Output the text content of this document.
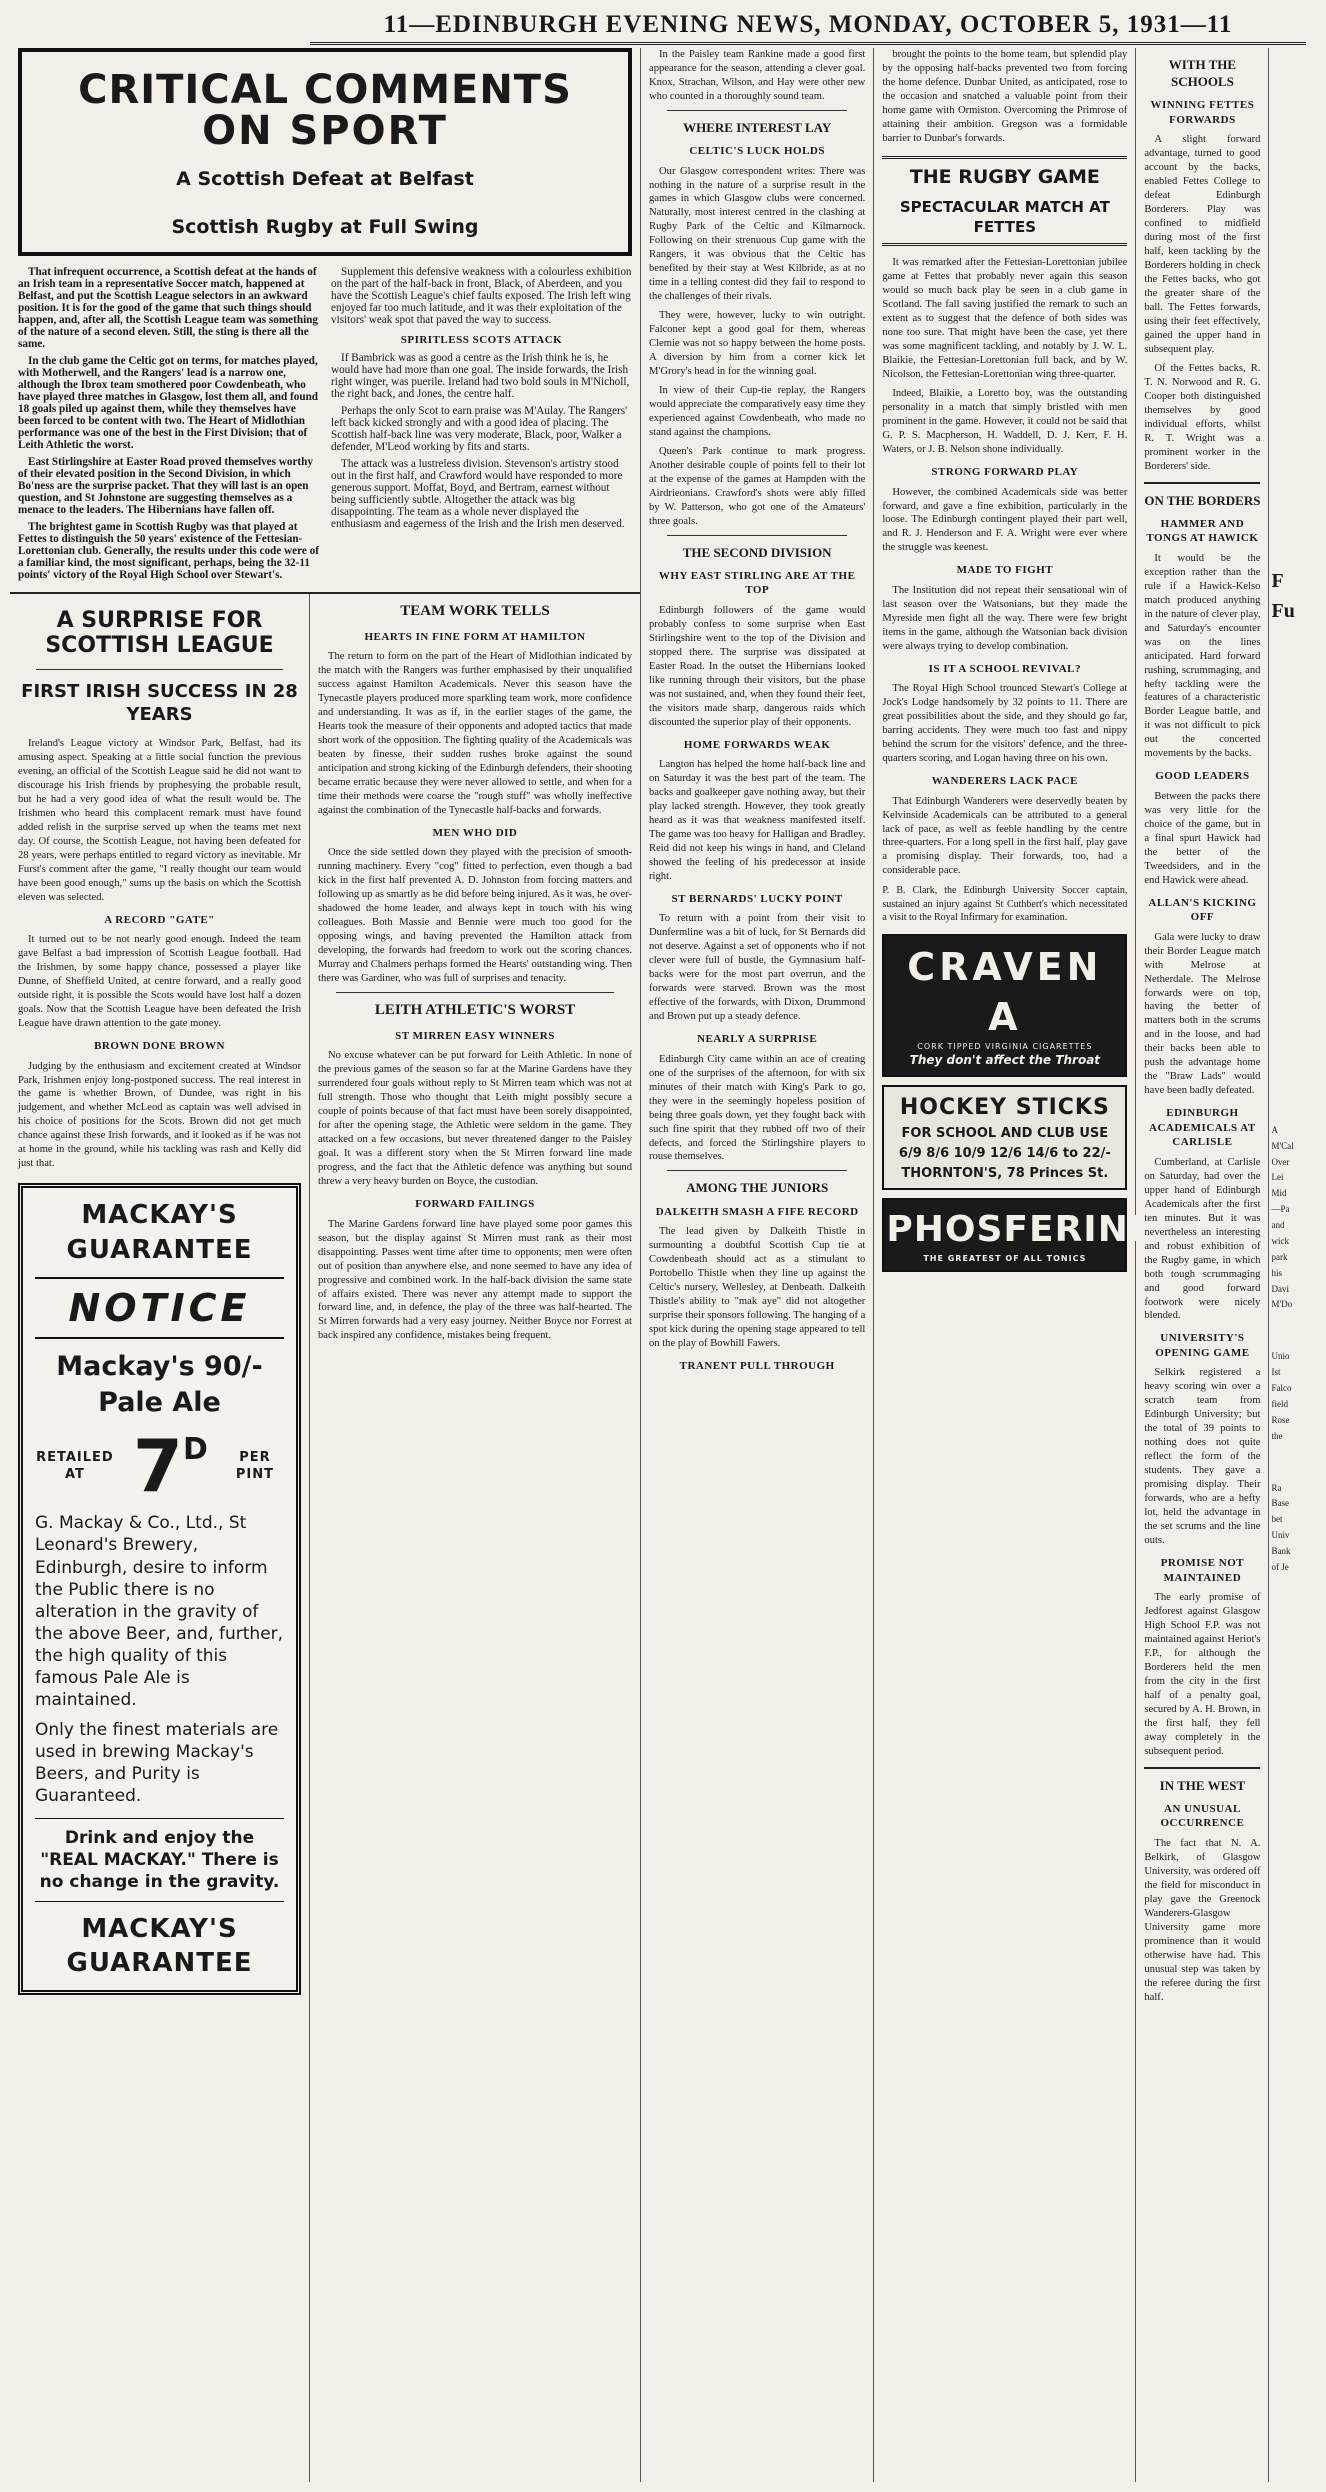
11—EDINBURGH EVENING NEWS, MONDAY, OCTOBER 5, 1931—11
CRITICAL COMMENTS
ON SPORT
A Scottish Defeat at Belfast
Scottish Rugby at Full Swing

That infrequent occurrence, a Scottish defeat at the hands of an Irish team in a representative Soccer match, happened at Belfast, and put the Scottish League selectors in an awkward position. It is for the good of the game that such things should happen, and, after all, the Scottish League team was something of the nature of a second eleven. Still, the sting is there all the same.

In the club game the Celtic got on terms, for matches played, with Motherwell, and the Rangers' lead is a narrow one, although the Ibrox team smothered poor Cowdenbeath, who have played three matches in Glasgow, lost them all, and found 18 goals piled up against them, while they themselves have been forced to be content with two. The Heart of Midlothian performance was one of the best in the First Division; that of Leith Athletic the worst.

East Stirlingshire at Easter Road proved themselves worthy of their elevated position in the Second Division, in which Bo'ness are the surprise packet. That they will last is an open question, and St Johnstone are suggesting themselves as a menace to the leaders. The Hibernians have fallen off.

The brightest game in Scottish Rugby was that played at Fettes to distinguish the 50 years' existence of the Fettesian-Lorettonian club. Generally, the results under this code were of a familiar kind, the most significant, perhaps, being the 32-11 points' victory of the Royal High School over Stewart's.

Supplement this defensive weakness with a colourless exhibition on the part of the half-back in front, Black, of Aberdeen, and you have the Scottish League's chief faults exposed. The Irish left wing enjoyed far too much latitude, and it was their exploitation of the visitors' weak spot that paved the way to success.

SPIRITLESS SCOTS ATTACK

If Bambrick was as good a centre as the Irish think he is, he would have had more than one goal. The inside forwards, the Irish right winger, was puerile. Ireland had two bold souls in M'Nicholl, the right back, and Jones, the centre half.

Perhaps the only Scot to earn praise was M'Aulay. The Rangers' left back kicked strongly and with a good idea of placing. The Scottish half-back line was very moderate, Black, poor, Walker a defender, M'Leod working by fits and starts.

The attack was a lustreless division. Stevenson's artistry stood out in the first half, and Crawford would have responded to more generous support. Moffat, Boyd, and Bertram, earnest without being sufficiently subtle. Altogether the attack was big disappointing. The team as a whole never displayed the enthusiasm and eagerness of the Irish and the Irish men deserved.

A SURPRISE FOR SCOTTISH LEAGUE
FIRST IRISH SUCCESS IN 28 YEARS

Ireland's League victory at Windsor Park, Belfast, had its amusing aspect. Speaking at a little social function the previous evening, an official of the Scottish League said he did not want to discourage his Irish friends by prophesying the probable result, but he had a very good idea of what the result would be. The Irishmen who heard this complacent remark must have found added relish in the surprise served up when the teams met next day. Of course, the Scottish League, not having been defeated for 28 years, were perhaps entitled to regard victory as inevitable. Mr Furst's comment after the game, "I really thought our team would have been good enough," sums up the basis on which the Scottish eleven was selected.

A RECORD "GATE"

It turned out to be not nearly good enough. Indeed the team gave Belfast a bad impression of Scottish League football. Had the Irishmen, by some happy chance, possessed a player like Dunne, of Sheffield United, at centre forward, and a really good outside right, it is possible the Scots would have lost half a dozen goals. Now that the Scottish League have been defeated the Irish League have drawn attention to the gate money.

BROWN DONE BROWN

Judging by the enthusiasm and excitement created at Windsor Park, Irishmen enjoy long-postponed success. The real interest in the game is whether Brown, of Dundee, was right in his judgement, and whether McLeod as captain was well advised in his choice of positions for the Scots. Brown did not get much chance against these Irish forwards, and it looked as if he was not at home in the ground, while his tackling was rash and Kelly did just that.

MACKAY'S GUARANTEE
NOTICE
Mackay's 90/- Pale Ale
RETAILED AT 7D	PER PINT
G. Mackay & Co., Ltd., St Leonard's Brewery, Edinburgh, desire to inform the Public there is no alteration in the gravity of the above Beer, and, further, the high quality of this famous Pale Ale is maintained.
Only the finest materials are used in brewing Mackay's Beers, and Purity is Guaranteed.
Drink and enjoy the "REAL MACKAY." There is no change in the gravity.
MACKAY'S GUARANTEE
TEAM WORK TELLS
HEARTS IN FINE FORM AT HAMILTON

The return to form on the part of the Heart of Midlothian indicated by the match with the Rangers was further emphasised by their unqualified success against Hamilton Academicals. Never this season have the Tynecastle players produced more sparkling team work, more confidence and understanding. It was as if, in the earlier stages of the game, the Hearts took the measure of their opponents and adopted tactics that made short work of the opposition. The fighting quality of the Academicals was beaten by finesse, their sudden rushes broke against the sound anticipation and strong kicking of the Edinburgh defenders, their shooting became erratic because they were never allowed to settle, and when for a time their methods were coarse the "rough stuff" was wholly ineffective against the combination of the Tynecastle half-backs and forwards.

MEN WHO DID

Once the side settled down they played with the precision of smooth-running machinery. Every "cog" fitted to perfection, even though a bad kick in the first half prevented A. D. Johnston from forcing matters and following up as smartly as he did before being injured. As it was, he over-shadowed the home leader, and always kept in touch with his wing colleagues. Both Massie and Bennie were much too good for the opposing wings, and having prevented the Hamilton attack from developing, the forwards had freedom to work out the scoring chances. Murray and Chalmers perhaps formed the Hearts' outstanding wing. Then there was Gardiner, who was full of surprises and tenacity.

LEITH ATHLETIC'S WORST
ST MIRREN EASY WINNERS

No excuse whatever can be put forward for Leith Athletic. In none of the previous games of the season so far at the Marine Gardens have they surrendered four goals without reply to St Mirren team which was not at full strength. Those who thought that Leith might possibly secure a couple of points because of that fact must have been sorely disappointed, for after the opening stage, the Athletic were seldom in the game. They attacked on a few occasions, but never threatened danger to the Paisley goal. It was a different story when the St Mirren forward line made progress, and the fact that the Athletic defence was anything but sound threw a very heavy burden on Boyce, the custodian.

FORWARD FAILINGS

The Marine Gardens forward line have played some poor games this season, but the display against St Mirren must rank as their most disappointing. Passes went time after time to opponents; men were often out of position than anywhere else, and none seemed to have any idea of progressive and combined work. In the half-back division the same state of affairs existed. There was never any attempt made to support the forward line, and, in defence, the play of the three was half-hearted. The St Mirren forwards had a very easy journey. Neither Boyce nor Forrest at back inspired any confidence, mistakes being frequent.

In the Paisley team Rankine made a good first appearance for the season, attending a clever goal. Knox, Strachan, Wilson, and Hay were other new who counted in a thoroughly sound team.

WHERE INTEREST LAY
CELTIC'S LUCK HOLDS

Our Glasgow correspondent writes: There was nothing in the nature of a surprise result in the games in which Glasgow clubs were concerned. Naturally, most interest centred in the clashing at Rugby Park of the Celtic and Kilmarnock. Following on their strenuous Cup game with the Rangers, it was obvious that the Celtic has benefited by their stay at West Kilbride, as at no time in a telling contest did they fail to respond to the challenges of their rivals.

They were, however, lucky to win outright. Falconer kept a good goal for them, whereas Clemie was not so happy between the home posts. A diversion by him from a corner kick let M'Grory's head in for the winning goal.

In view of their Cup-tie replay, the Rangers would appreciate the comparatively easy time they experienced against Cowdenbeath, who made no stand against the champions.

Queen's Park continue to mark progress. Another desirable couple of points fell to their lot at the expense of the games at Hampden with the Airdrieonians. Crawford's shots were ably filled by W. Patterson, who got one of the Amateurs' three goals.

THE SECOND DIVISION
WHY EAST STIRLING ARE AT THE TOP

Edinburgh followers of the game would probably confess to some surprise when East Stirlingshire went to the top of the Division and stopped there. The surprise was dissipated at Easter Road. In the outset the Hibernians looked like running through their visitors, but the phase was not sustained, and, when they found their feet, the visitors made sharp, dangerous raids which discounted the superior play of their opponents.

HOME FORWARDS WEAK

Langton has helped the home half-back line and on Saturday it was the best part of the team. The backs and goalkeeper gave nothing away, but their play lacked strength. However, they took greatly heard as it was that weakness manifested itself. The game was too heavy for Halligan and Bradley. Reid did not keep his wings in hand, and Cleland showed the feeling of his predecessor at inside right.

ST BERNARDS' LUCKY POINT

To return with a point from their visit to Dunfermline was a bit of luck, for St Bernards did not deserve. Against a set of opponents who if not clever were full of bustle, the Gymnasium half-backs were for the most part overrun, and the forwards were starved. Brown was the most effective of the forwards, with Dixon, Drummond and Brown put up a steady defence.

NEARLY A SURPRISE

Edinburgh City came within an ace of creating one of the surprises of the afternoon, for with six minutes of their match with King's Park to go, they were in the seemingly hopeless position of being three goals down, yet they fought back with such fine spirit that they rubbed off two of their defects, and forced the Stirlingshire players to rouse themselves.

AMONG THE JUNIORS
DALKEITH SMASH A FIFE RECORD

The lead given by Dalkeith Thistle in surmounting a doubtful Scottish Cup tie at Cowdenbeath should act as a stimulant to Portobello Thistle when they line up against the Celtic's nursery, Wellesley, at Denbeath. Dalkeith Thistle's ability to "mak aye" did not altogether surprise their sponsors following. The hanging of a spot kick during the opening stage appeared to tell on the play of Bowhill Fawers.

TRANENT PULL THROUGH

brought the points to the home team, but splendid play by the opposing half-backs prevented two from forcing the home defence. Dunbar United, as anticipated, rose to the occasion and snatched a valuable point from their home game with Ormiston. Overcoming the Primrose of attaining their ambition. Gregson was a formidable barrier to Dunbar's forwards.

THE RUGBY GAME
SPECTACULAR MATCH AT FETTES

It was remarked after the Fettesian-Lorettonian jubilee game at Fettes that probably never again this season would so much back play be seen in a club game in Scotland. The fall saving justified the remark to such an extent as to suggest that the defence of both sides was none too sure. That might have been the case, yet there was some magnificent tackling, and notably by J. W. L. Blaikie, the Fettesian-Lorettonian full back, and by W. Nicolson, the Fettesian-Lorettonian wing three-quarter.

Indeed, Blaikie, a Loretto boy, was the outstanding personality in a match that simply bristled with men prominent in the game. However, it could not be said that G. P. S. Macpherson, H. Waddell, D. J. Kerr, F. H. Waters, or J. B. Nelson shone individually.

STRONG FORWARD PLAY

However, the combined Academicals side was better forward, and gave a fine exhibition, particularly in the loose. The Edinburgh contingent played their part well, and R. J. Henderson and F. A. Wright were ever where the struggle was keenest.

MADE TO FIGHT

The Institution did not repeat their sensational win of last season over the Watsonians, but they made the Myreside men fight all the way. There were few bright items in the game, although the Watsonian back division were always trying to develop combination.

IS IT A SCHOOL REVIVAL?

The Royal High School trounced Stewart's College at Jock's Lodge handsomely by 32 points to 11. There are great possibilities about the side, and they should go far, barring accidents. They were much too fast and nippy behind the scrum for the visitors' defence, and the three-quarters scoring, and Logan having three on his own.

WANDERERS LACK PACE

That Edinburgh Wanderers were deservedly beaten by Kelvinside Academicals can be attributed to a general lack of pace, as well as feeble handling by the centre three-quarters. For a long spell in the first half, play gave a promising display. Their forwards, too, had a considerable pace.

P. B. Clark, the Edinburgh University Soccer captain, sustained an injury against St Cuthbert's which necessitated a visit to the Royal Infirmary for examination.
CRAVEN A
CORK TIPPED VIRGINIA CIGARETTES
They don't affect the Throat
HOCKEY STICKS
FOR SCHOOL AND CLUB USE
6/9 8/6 10/9 12/6 14/6 to 22/-
THORNTON'S, 78 Princes St.
PHOSFERINE
THE GREATEST OF ALL TONICS
WITH THE SCHOOLS
WINNING FETTES FORWARDS

A slight forward advantage, turned to good account by the backs, enabled Fettes College to defeat Edinburgh Borderers. Play was confined to midfield during most of the first half, keen tackling by the Borderers holding in check the Fettes backs, who got the greater share of the ball. The Fettes forwards, using their feet effectively, gained the upper hand in subsequent play.

Of the Fettes backs, R. T. N. Norwood and R. G. Cooper both distinguished themselves by good individual efforts, whilst R. T. Wright was a prominent worker in the Borderers' side.

ON THE BORDERS
HAMMER AND TONGS AT HAWICK

It would be the exception rather than the rule if a Hawick-Kelso match produced anything in the nature of clever play, and Saturday's encounter was on the lines anticipated. Hard forward rushing, scrummaging, and hefty tackling were the features of a characteristic Border League battle, and it was not difficult to pick out the concerted movements by the backs.

GOOD LEADERS

Between the packs there was very little for the choice of the game, but in a final spurt Hawick had the better of the Tweedsiders, and in the end Hawick were ahead.

ALLAN'S KICKING OFF

Gala were lucky to draw their Border League match with Melrose at Netherdale. The Melrose forwards were on top, having the better of matters both in the scrums and in the loose, and had their backs been able to push the advantage home the "Braw Lads" would have been badly defeated.

EDINBURGH ACADEMICALS AT CARLISLE

Cumberland, at Carlisle on Saturday, had over the upper hand of Edinburgh Academicals after the first ten minutes. But it was nevertheless an interesting and robust exhibition of the Rugby game, in which both tough scrummaging and good forward footwork were nicely blended.

UNIVERSITY'S OPENING GAME

Selkirk registered a heavy scoring win over a scratch team from Edinburgh University; but the total of 39 points to nothing does not quite reflect the form of the students. They gave a promising display. Their forwards, who are a hefty lot, held the advantage in the set scrums and the line outs.

PROMISE NOT MAINTAINED

The early promise of Jedforest against Glasgow High School F.P. was not maintained against Heriot's F.P., for although the Borderers held the men from the city in the first half of a penalty goal, secured by A. H. Brown, in the first half, they fell away completely in the subsequent period.

IN THE WEST
AN UNUSUAL OCCURRENCE

The fact that N. A. Belkirk, of Glasgow University, was ordered off the field for misconduct in play gave the Greenock Wanderers-Glasgow University game more prominence than it would otherwise have had. This unusual step was taken by the referee during the first half.

F

Fu

A

M'Cal

Over

Lei

Mid

—Pa

and

wick

park

his

Davi

M'Do

Unio

Ist

Falco

field

Rose

the

Ra

Base

bet

Univ

Bank

of Je
